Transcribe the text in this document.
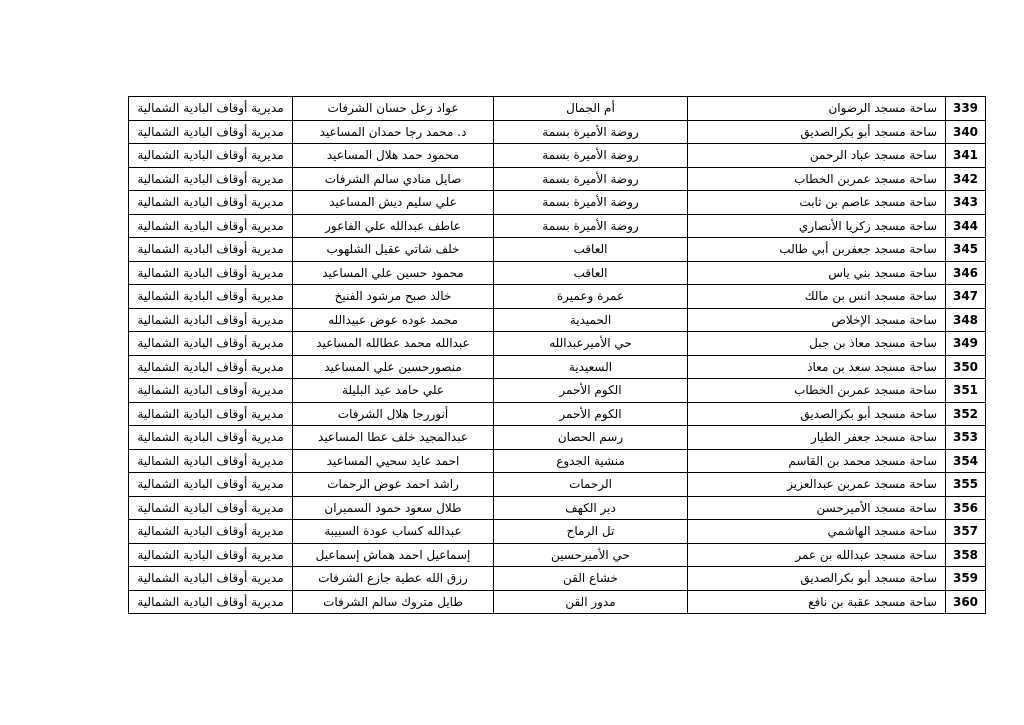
339	ساحة مسجد الرضوان	أم الجمال	عواد زعل حسان الشرفات	مديرية أوقاف البادية الشمالية
340	ساحة مسجد أبو بكرالصديق	روضة الأميرة بسمة	د. محمد رجا حمدان المساعيد	مديرية أوقاف البادية الشمالية
341	ساحة مسجد عباد الرحمن	روضة الأميرة بسمة	محمود حمد هلال المساعيد	مديرية أوقاف البادية الشمالية
342	ساحة مسجد عمربن الخطاب	روضة الأميرة بسمة	صايل منادي سالم الشرفات	مديرية أوقاف البادية الشمالية
343	ساحة مسجد عاصم بن ثابت	روضة الأميرة بسمة	علي سليم ديش المساعيد	مديرية أوقاف البادية الشمالية
344	ساحة مسجد زكريا الأنصاري	روضة الأميرة بسمة	عاطف عبدالله علي الفاعور	مديرية أوقاف البادية الشمالية
345	ساحة مسجد جعفربن أبي طالب	العاقب	خلف شاتي عقيل الشلهوب	مديرية أوقاف البادية الشمالية
346	ساحة مسجد بني ياس	العاقب	محمود حسين علي المساعيد	مديرية أوقاف البادية الشمالية
347	ساحة مسجد انس بن مالك	عمرة وعميرة	خالد صبح مرشود الفنيخ	مديرية أوقاف البادية الشمالية
348	ساحة مسجد الإخلاص	الحميدية	محمد عوده عوض عبيدالله	مديرية أوقاف البادية الشمالية
349	ساحة مسجد معاذ بن جبل	حي الأميرعبدالله	عبدالله محمد عطالله المساعيد	مديرية أوقاف البادية الشمالية
350	ساحة مسجد سعد بن معاذ	السعيدية	منصورحسين علي المساعيد	مديرية أوقاف البادية الشمالية
351	ساحة مسجد عمربن الخطاب	الكوم الأحمر	علي حامد عيد البليلة	مديرية أوقاف البادية الشمالية
352	ساحة مسجد أبو بكرالصديق	الكوم الأحمر	أنوررجا هلال الشرفات	مديرية أوقاف البادية الشمالية
353	ساحة مسجد جعفر الطيار	رسم الحصان	عبدالمجيد خلف عطا المساعيد	مديرية أوقاف البادية الشمالية
354	ساحة مسجد محمد بن القاسم	منشية الجدوع	احمد عايد سحيي المساعيد	مديرية أوقاف البادية الشمالية
355	ساحة مسجد عمربن عبدالعزيز	الرحمات	راشد احمد عوض الرحمات	مديرية أوقاف البادية الشمالية
356	ساحة مسجد الأميرحسن	دير الكهف	طلال سعود حمود السميران	مديرية أوقاف البادية الشمالية
357	ساحة مسجد الهاشمي	تل الرماح	عبدالله كساب عودة السبيبة	مديرية أوقاف البادية الشمالية
358	ساحة مسجد عبدالله بن عمر	حي الأميرحسين	إسماعيل احمد هماش إسماعيل	مديرية أوقاف البادية الشمالية
359	ساحة مسجد أبو بكرالصديق	خشاع القن	رزق الله عطية جازع الشرفات	مديرية أوقاف البادية الشمالية
360	ساحة مسجد عقبة بن نافع	مدور القن	طايل متروك سالم الشرفات	مديرية أوقاف البادية الشمالية
